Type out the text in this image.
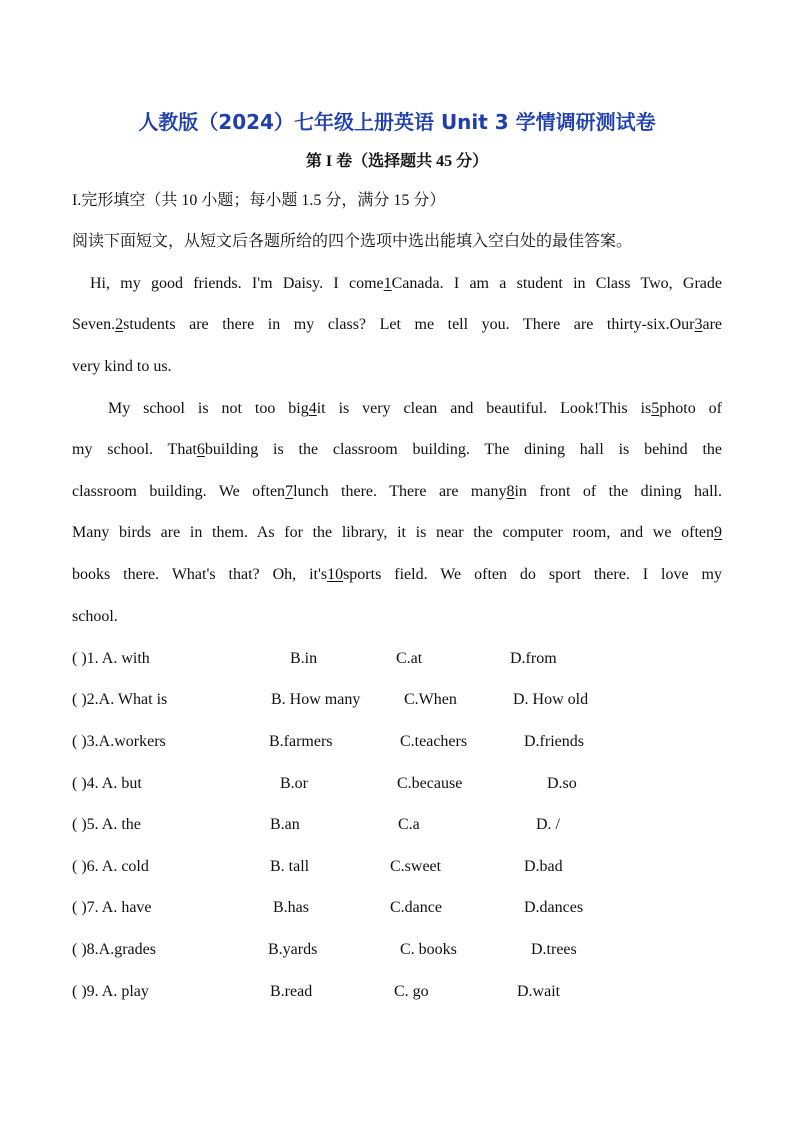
人教版（2024）七年级上册英语 Unit 3 学情调研测试卷
第 I 卷（选择题共 45 分）
I.完形填空（共 10 小题；每小题 1.5 分，满分 15 分）
阅读下面短文，从短文后各题所给的四个选项中选出能填入空白处的最佳答案。
Hi, my good friends. I'm Daisy. I come1Canada. I am a student in Class Two, Grade
Seven.2students are there in my class? Let me tell you. There are thirty-six.Our3are
very kind to us.
My school is not too big4it is very clean and beautiful. Look!This is5photo of
my school. That6building is the classroom building. The dining hall is behind the
classroom building. We often7lunch there. There are many8in front of the dining hall.
Many birds are in them. As for the library, it is near the computer room, and we often9
books there. What's that? Oh, it's10sports field. We often do sport there. I love my
school.
( )1. A. with	B.in	C.at	D.from
( )2.A. What is	B. How many	C.When	D. How old
( )3.A.workers	B.farmers	C.teachers	D.friends
( )4. A. but	B.or	C.because	D.so
( )5. A. the	B.an	C.a	D. /
( )6. A. cold	B. tall	C.sweet	D.bad
( )7. A. have	B.has	C.dance	D.dances
( )8.A.grades	B.yards	C. books	D.trees
( )9. A. play	B.read	C. go	D.wait
